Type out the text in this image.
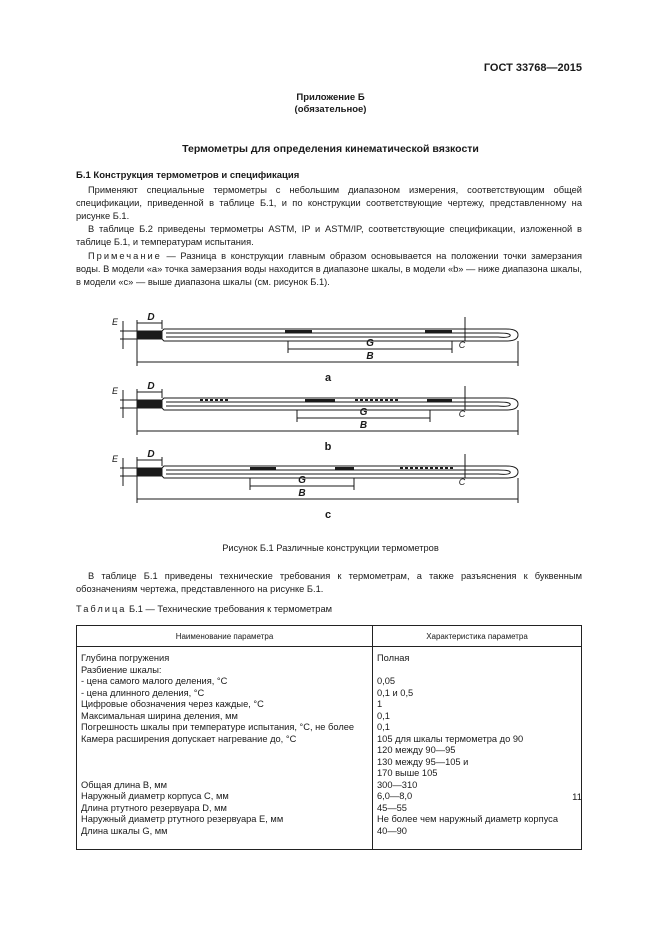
ГОСТ 33768—2015
Приложение Б
(обязательное)
Термометры для определения кинематической вязкости
Б.1 Конструкция термометров и спецификация
Применяют специальные термометры с небольшим диапазоном измерения, соответствующим общей спецификации, приведенной в таблице Б.1, и по конструкции соответствующие чертежу, представленному на рисунке Б.1.
В таблице Б.2 приведены термометры ASTM, IP и ASTM/IP, соответствующие спецификации, изложенной в таблице Б.1, и температурам испытания.
Примечание — Разница в конструкции главным образом основывается на положении точки замерзания воды. В модели «а» точка замерзания воды находится в диапазоне шкалы, в модели «b» — ниже диапазона шкалы, в модели «с» — выше диапазона шкалы (см. рисунок Б.1).
E	D
C
G
B
a
E	D
C
G
B
b
E	D
C
G
B
c
Рисунок Б.1 Различные конструкции термометров
В таблице Б.1 приведены технические требования к термометрам, а также разъяснения к буквенным обозначениям чертежа, представленного на рисунке Б.1.
Таблица Б.1 — Технические требования к термометрам
Наименование параметра	Характеристика параметра
Глубина погружения	Полная
Разбиение шкалы:	
- цена самого малого деления, °С	0,05
- цена длинного деления, °С	0,1 и 0,5
Цифровые обозначения через каждые, °С	1
Максимальная ширина деления, мм	0,1
Погрешность шкалы при температуре испытания, °С, не более	0,1
Камера расширения допускает нагревание до, °С	105 для шкалы термометра до 90
	120 между 90—95
	130 между 95—105 и
	170 выше 105
Общая длина B, мм	300—310
Наружный диаметр корпуса C, мм	6,0—8,0
Длина ртутного резервуара D, мм	45—55
Наружный диаметр ртутного резервуара E, мм	Не более чем наружный диаметр корпуса
Длина шкалы G, мм	40—90
11
